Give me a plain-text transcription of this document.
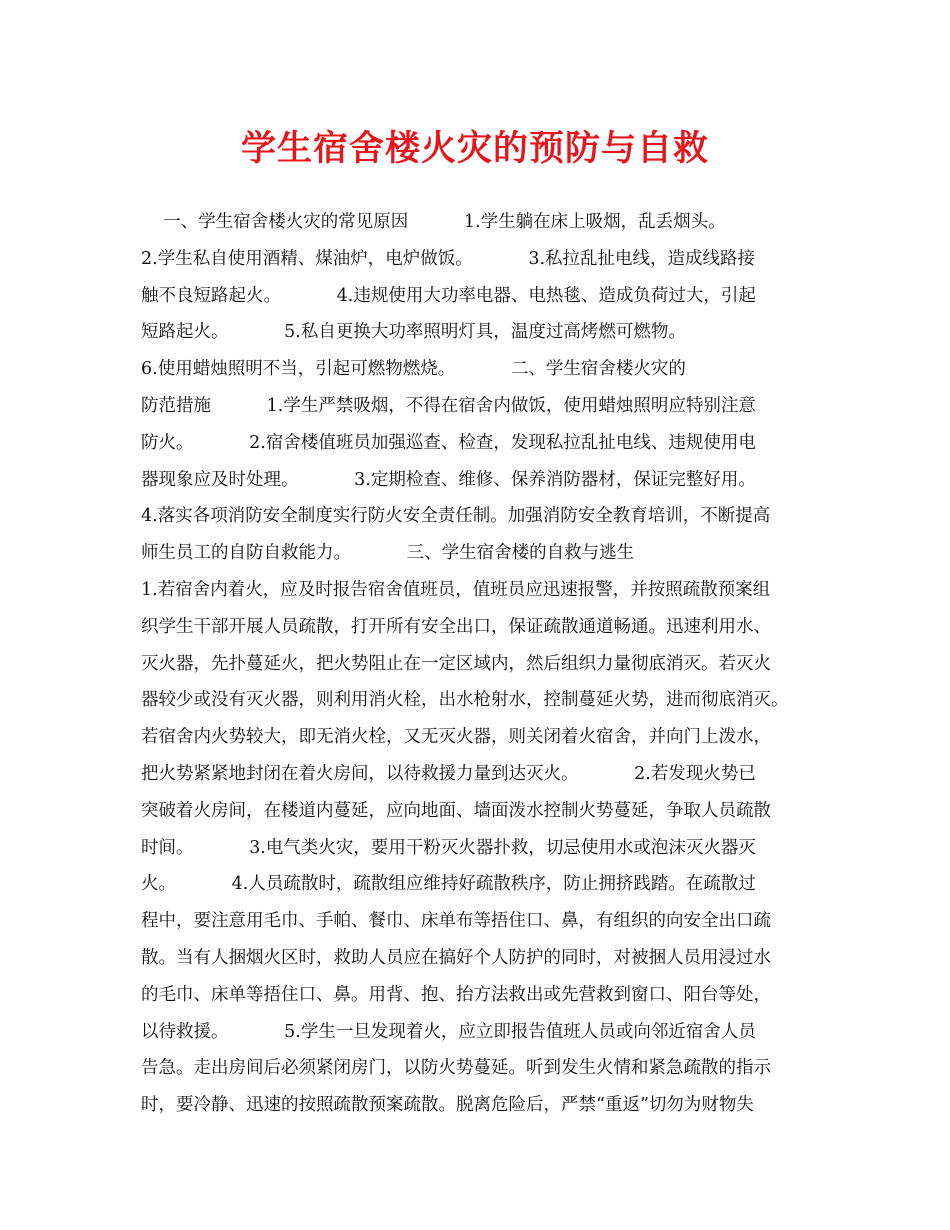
学生宿舍楼火灾的预防与自救
一、学生宿舍楼火灾的常见原因          1.学生躺在床上吸烟，乱丢烟头。
2.学生私自使用酒精、煤油炉，电炉做饭。          3.私拉乱扯电线，造成线路接
触不良短路起火。          4.违规使用大功率电器、电热毯、造成负荷过大，引起
短路起火。          5.私自更换大功率照明灯具，温度过高烤燃可燃物。
6.使用蜡烛照明不当，引起可燃物燃烧。          二、学生宿舍楼火灾的
防范措施          1.学生严禁吸烟，不得在宿舍内做饭，使用蜡烛照明应特别注意
防火。          2.宿舍楼值班员加强巡查、检查，发现私拉乱扯电线、违规使用电
器现象应及时处理。          3.定期检查、维修、保养消防器材，保证完整好用。
4.落实各项消防安全制度实行防火安全责任制。加强消防安全教育培训，不断提高
师生员工的自防自救能力。          三、学生宿舍楼的自救与逃生
1.若宿舍内着火，应及时报告宿舍值班员，值班员应迅速报警，并按照疏散预案组
织学生干部开展人员疏散，打开所有安全出口，保证疏散通道畅通。迅速利用水、
灭火器，先扑蔓延火，把火势阻止在一定区域内，然后组织力量彻底消灭。若灭火
器较少或没有灭火器，则利用消火栓，出水枪射水，控制蔓延火势，进而彻底消灭。
若宿舍内火势较大，即无消火栓，又无灭火器，则关闭着火宿舍，并向门上泼水，
把火势紧紧地封闭在着火房间，以待救援力量到达灭火。          2.若发现火势已
突破着火房间，在楼道内蔓延，应向地面、墙面泼水控制火势蔓延，争取人员疏散
时间。          3.电气类火灾，要用干粉灭火器扑救，切忌使用水或泡沫灭火器灭
火。          4.人员疏散时，疏散组应维持好疏散秩序，防止拥挤践踏。在疏散过
程中，要注意用毛巾、手帕、餐巾、床单布等捂住口、鼻，有组织的向安全出口疏
散。当有人捆烟火区时，救助人员应在搞好个人防护的同时，对被捆人员用浸过水
的毛巾、床单等捂住口、鼻。用背、抱、抬方法救出或先营救到窗口、阳台等处，
以待救援。          5.学生一旦发现着火，应立即报告值班人员或向邻近宿舍人员
告急。走出房间后必须紧闭房门，以防火势蔓延。听到发生火情和紧急疏散的指示
时，要冷静、迅速的按照疏散预案疏散。脱离危险后，严禁“重返”切勿为财物失
